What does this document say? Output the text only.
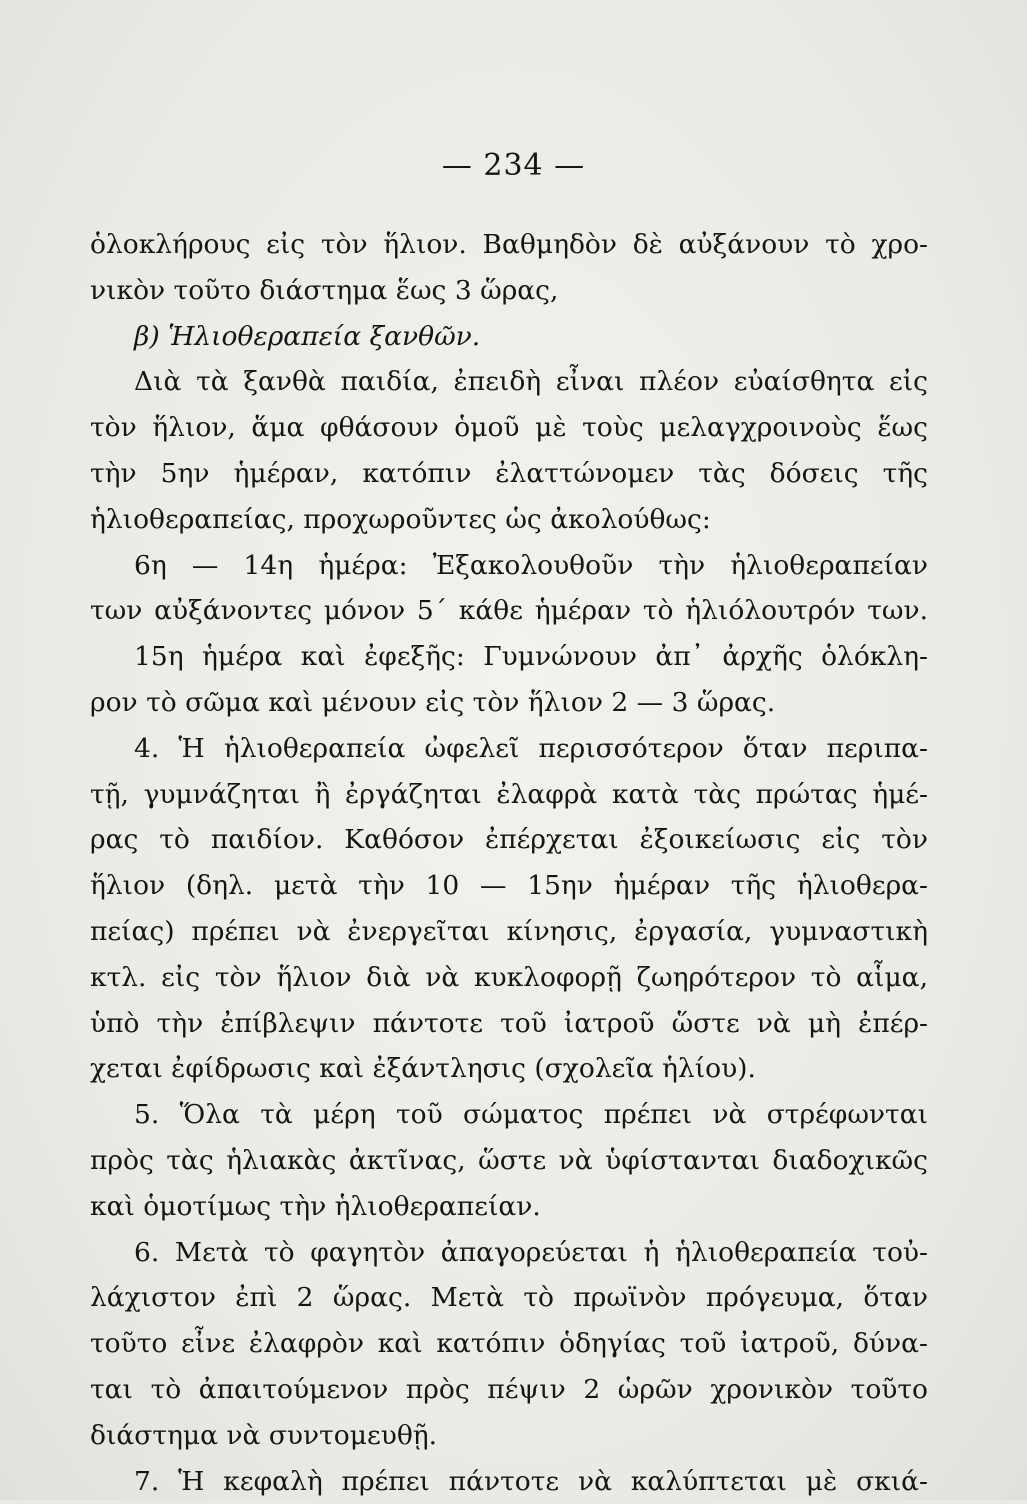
— 234 —
ὁλοκλήρους εἰς τὸν ἥλιον. Βαθμηδὸν δὲ αὐξάνουν τὸ χρο-
νικὸν τοῦτο διάστημα ἕως 3 ὥρας,
β) Ἡλιοθεραπεία ξανθῶν.
Διὰ τὰ ξανθὰ παιδία, ἐπειδὴ εἶναι πλέον εὐαίσθητα εἰς
τὸν ἥλιον, ἅμα φθάσουν ὁμοῦ μὲ τοὺς μελαγχροινοὺς ἕως
τὴν 5ην ἡμέραν, κατόπιν ἐλαττώνομεν τὰς δόσεις τῆς
ἡλιοθεραπείας, προχωροῦντες ὡς ἀκολούθως:
6η — 14η ἡμέρα: Ἐξακολουθοῦν τὴν ἡλιοθεραπείαν
των αὐξάνοντες μόνον 5΄ κάθε ἡμέραν τὸ ἡλιόλουτρόν των.
15η ἡμέρα καὶ ἐφεξῆς: Γυμνώνουν ἀπ᾽ ἀρχῆς ὁλόκλη-
ρον τὸ σῶμα καὶ μένουν εἰς τὸν ἥλιον 2 — 3 ὥρας.
4. Ἡ ἡλιοθεραπεία ὠφελεῖ περισσότερον ὅταν περιπα-
τῇ, γυμνάζηται ἢ ἐργάζηται ἐλαφρὰ κατὰ τὰς πρώτας ἡμέ-
ρας τὸ παιδίον. Καθόσον ἐπέρχεται ἐξοικείωσις εἰς τὸν
ἥλιον (δηλ. μετὰ τὴν 10 — 15ην ἡμέραν τῆς ἡλιοθερα-
πείας) πρέπει νὰ ἐνεργεῖται κίνησις, ἐργασία, γυμναστικὴ
κτλ. εἰς τὸν ἥλιον διὰ νὰ κυκλοφορῇ ζωηρότερον τὸ αἷμα,
ὑπὸ τὴν ἐπίβλεψιν πάντοτε τοῦ ἰατροῦ ὥστε νὰ μὴ ἐπέρ-
χεται ἐφίδρωσις καὶ ἐξάντλησις (σχολεῖα ἡλίου).
5. Ὅλα τὰ μέρη τοῦ σώματος πρέπει νὰ στρέφωνται
πρὸς τὰς ἡλιακὰς ἀκτῖνας, ὥστε νὰ ὑφίστανται διαδοχικῶς
καὶ ὁμοτίμως τὴν ἡλιοθεραπείαν.
6. Μετὰ τὸ φαγητὸν ἀπαγορεύεται ἡ ἡλιοθεραπεία τοὐ-
λάχιστον ἐπὶ 2 ὥρας. Μετὰ τὸ πρωϊνὸν πρόγευμα, ὅταν
τοῦτο εἶνε ἐλαφρὸν καὶ κατόπιν ὁδηγίας τοῦ ἰατροῦ, δύνα-
ται τὸ ἀπαιτούμενον πρὸς πέψιν 2 ὡρῶν χρονικὸν τοῦτο
διάστημα νὰ συντομευθῇ.
7. Ἡ κεφαλὴ πρέπει πάντοτε νὰ καλύπτεται μὲ σκιά-
